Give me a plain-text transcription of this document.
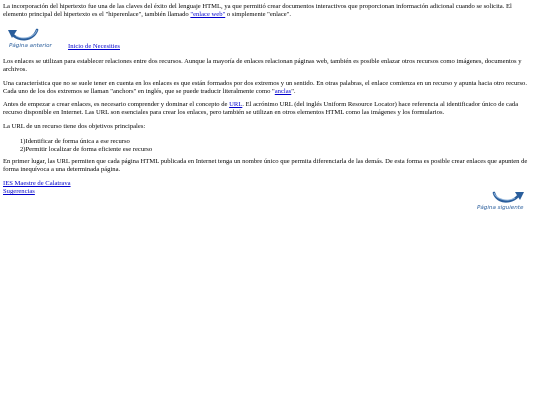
La incorporación del hipertexto fue una de las claves del éxito del lenguaje HTML, ya que permitió crear documentos interactivos que proporcionan información adicional cuando se solicita. El elemento principal del hipertexto es el "hiperenlace", también llamado "enlace web" o simplemente "enlace".

Página anterior Inicio de Necesities

Los enlaces se utilizan para establecer relaciones entre dos recursos. Aunque la mayoría de enlaces relacionan páginas web, también es posible enlazar otros recursos como imágenes, documentos y archivos.

Una característica que no se suele tener en cuenta en los enlaces es que están formados por dos extremos y un sentido. En otras palabras, el enlace comienza en un recurso y apunta hacia otro recurso. Cada uno de los dos extremos se llaman "anchors" en inglés, que se puede traducir literalmente como "anclas".

Antes de empezar a crear enlaces, es necesario comprender y dominar el concepto de URL. El acrónimo URL (del inglés Uniform Resource Locator) hace referencia al identificador único de cada recurso disponible en Internet. Las URL son esenciales para crear los enlaces, pero también se utilizan en otros elementos HTML como las imágenes y los formularios.

La URL de un recurso tiene dos objetivos principales:

1)Identificar de forma única a ese recurso
2)Permitir localizar de forma eficiente ese recurso

En primer lugar, las URL permiten que cada página HTML publicada en Internet tenga un nombre único que permita diferenciarla de las demás. De esta forma es posible crear enlaces que apunten de forma inequívoca a una determinada página.

IES Maestre de Calatrava
Sugerencias
Página siguiente
